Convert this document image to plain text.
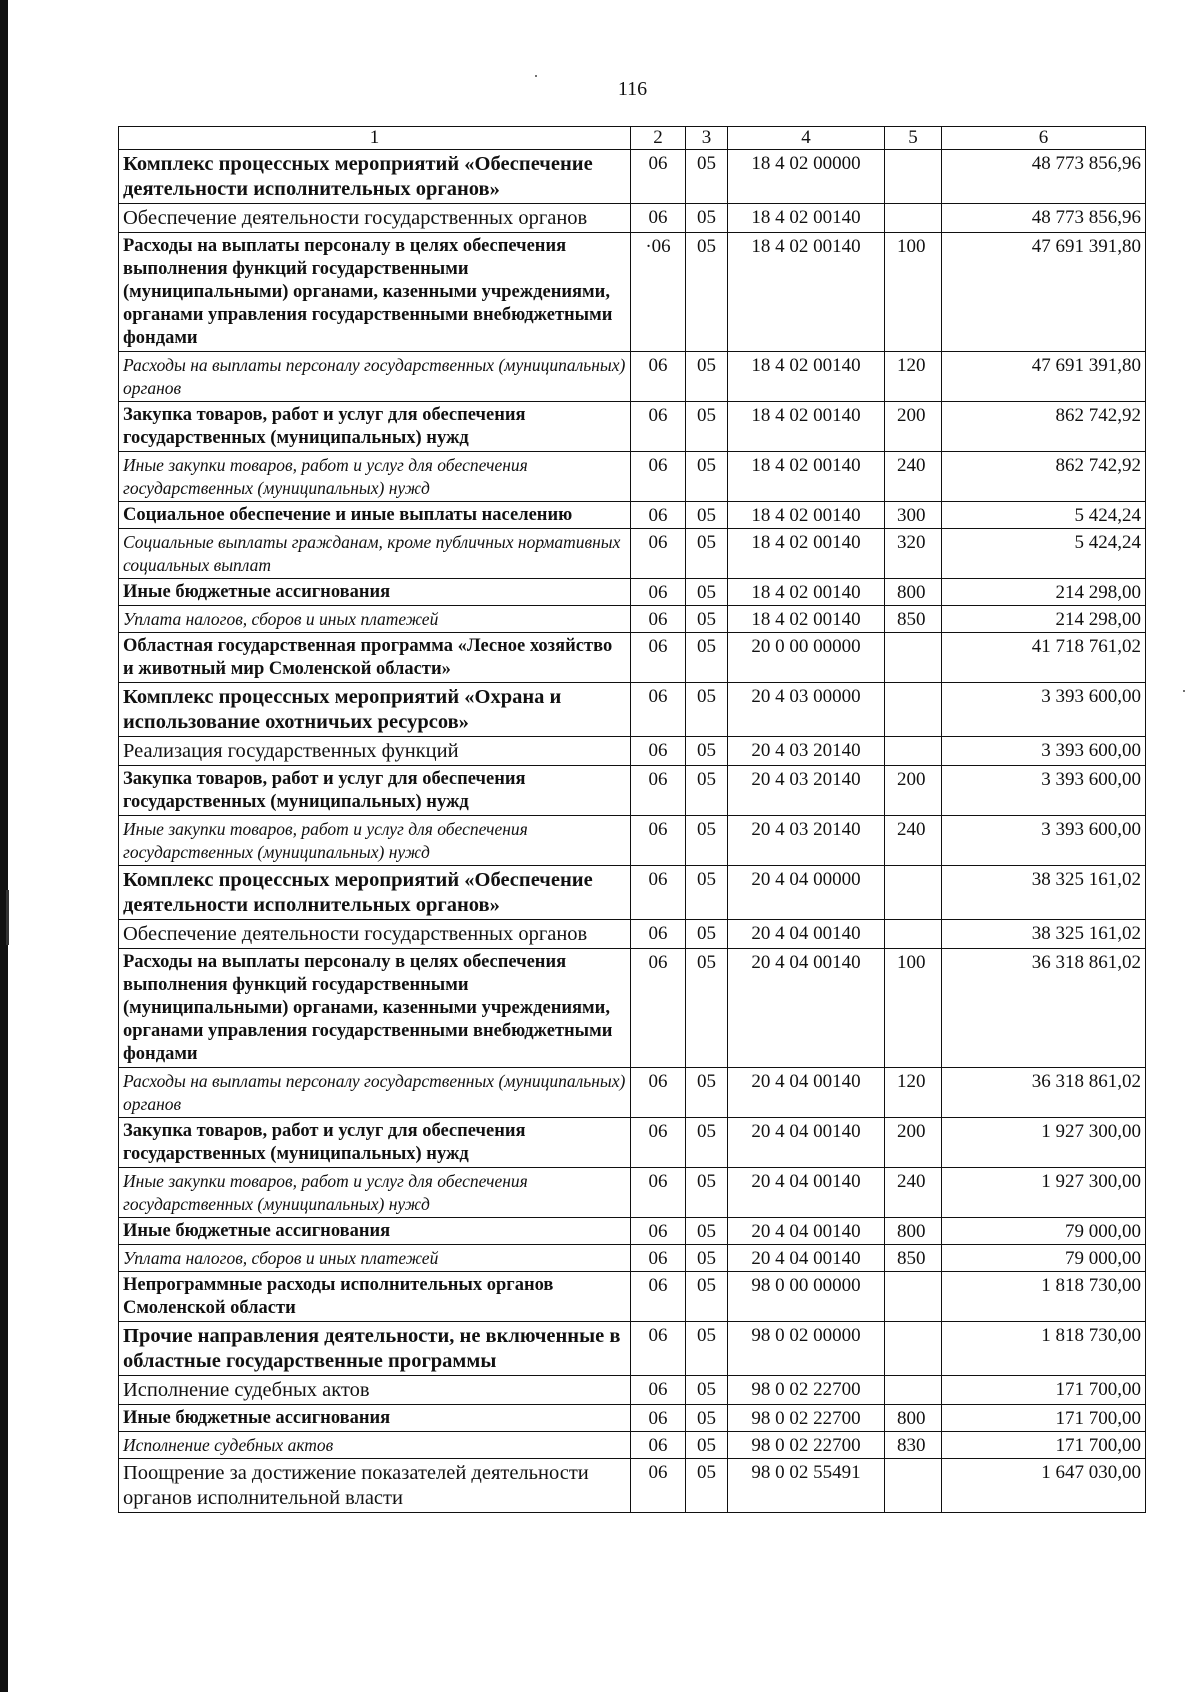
116
1	2	3	4	5	6
Комплекс процессных мероприятий «Обеспечение деятельности исполнительных органов»	06	05	18 4 02 00000		48 773 856,96
Обеспечение деятельности государственных органов	06	05	18 4 02 00140		48 773 856,96
Расходы на выплаты персоналу в целях обеспечения выполнения функций государственными (муниципальными) органами, казенными учреждениями, органами управления государственными внебюджетными фондами	·06	05	18 4 02 00140	100	47 691 391,80
Расходы на выплаты персоналу государственных (муниципальных) органов	06	05	18 4 02 00140	120	47 691 391,80
Закупка товаров, работ и услуг для обеспечения государственных (муниципальных) нужд	06	05	18 4 02 00140	200	862 742,92
Иные закупки товаров, работ и услуг для обеспечения государственных (муниципальных) нужд	06	05	18 4 02 00140	240	862 742,92
Социальное обеспечение и иные выплаты населению	06	05	18 4 02 00140	300	5 424,24
Социальные выплаты гражданам, кроме публичных нормативных социальных выплат	06	05	18 4 02 00140	320	5 424,24
Иные бюджетные ассигнования	06	05	18 4 02 00140	800	214 298,00
Уплата налогов, сборов и иных платежей	06	05	18 4 02 00140	850	214 298,00
Областная государственная программа «Лесное хозяйство и животный мир Смоленской области»	06	05	20 0 00 00000		41 718 761,02
Комплекс процессных мероприятий «Охрана и использование охотничьих ресурсов»	06	05	20 4 03 00000		3 393 600,00
Реализация государственных функций	06	05	20 4 03 20140		3 393 600,00
Закупка товаров, работ и услуг для обеспечения государственных (муниципальных) нужд	06	05	20 4 03 20140	200	3 393 600,00
Иные закупки товаров, работ и услуг для обеспечения государственных (муниципальных) нужд	06	05	20 4 03 20140	240	3 393 600,00
Комплекс процессных мероприятий «Обеспечение деятельности исполнительных органов»	06	05	20 4 04 00000		38 325 161,02
Обеспечение деятельности государственных органов	06	05	20 4 04 00140		38 325 161,02
Расходы на выплаты персоналу в целях обеспечения выполнения функций государственными (муниципальными) органами, казенными учреждениями, органами управления государственными внебюджетными фондами	06	05	20 4 04 00140	100	36 318 861,02
Расходы на выплаты персоналу государственных (муниципальных) органов	06	05	20 4 04 00140	120	36 318 861,02
Закупка товаров, работ и услуг для обеспечения государственных (муниципальных) нужд	06	05	20 4 04 00140	200	1 927 300,00
Иные закупки товаров, работ и услуг для обеспечения государственных (муниципальных) нужд	06	05	20 4 04 00140	240	1 927 300,00
Иные бюджетные ассигнования	06	05	20 4 04 00140	800	79 000,00
Уплата налогов, сборов и иных платежей	06	05	20 4 04 00140	850	79 000,00
Непрограммные расходы исполнительных органов Смоленской области	06	05	98 0 00 00000		1 818 730,00
Прочие направления деятельности, не включенные в областные государственные программы	06	05	98 0 02 00000		1 818 730,00
Исполнение судебных актов	06	05	98 0 02 22700		171 700,00
Иные бюджетные ассигнования	06	05	98 0 02 22700	800	171 700,00
Исполнение судебных актов	06	05	98 0 02 22700	830	171 700,00
Поощрение за достижение показателей деятельности органов исполнительной власти	06	05	98 0 02 55491		1 647 030,00
